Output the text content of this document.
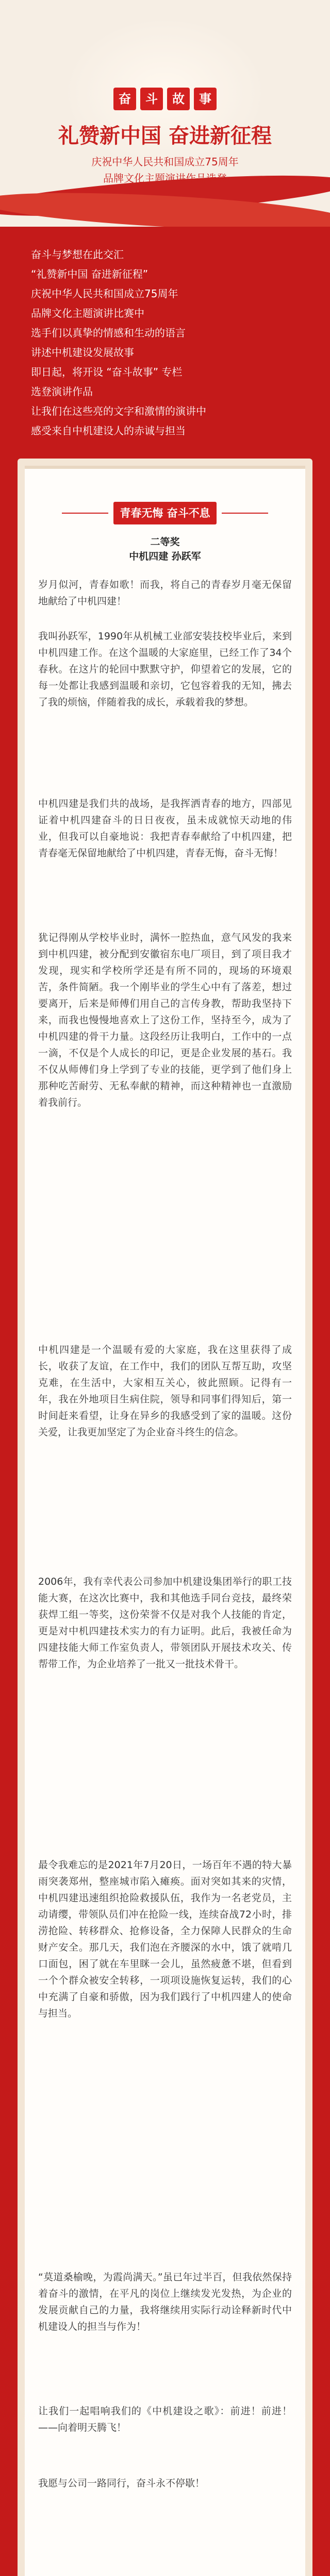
奋 斗 故 事
礼赞新中国 奋进新征程
庆祝中华人民共和国成立75周年
品牌文化主题演讲作品选登
奋斗与梦想在此交汇
“礼赞新中国 奋进新征程”
庆祝中华人民共和国成立75周年
品牌文化主题演讲比赛中
选手们以真挚的情感和生动的语言
讲述中机建设发展故事
即日起，将开设 “奋斗故事” 专栏
选登演讲作品
让我们在这些亮的文字和激情的演讲中
感受来自中机建设人的赤诚与担当
青春无悔 奋斗不息
二等奖
中机四建 孙跃军
岁月似河，青春如歌！而我，将自己的青春岁月毫无保留地献给了中机四建！
我叫孙跃军，1990年从机械工业部安装技校毕业后，来到中机四建工作。在这个温暖的大家庭里，已经工作了34个春秋。在这片的轮回中默默守护，仰望着它的发展，它的每一处都让我感到温暖和亲切，它包容着我的无知，拂去了我的烦恼，伴随着我的成长，承载着我的梦想。
中机四建是我们共的战场，是我挥洒青春的地方，四部见证着中机四建奋斗的日日夜夜，虽未成就惊天动地的伟业，但我可以自豪地说：我把青春奉献给了中机四建，把青春毫无保留地献给了中机四建，青春无悔，奋斗无悔！
犹记得刚从学校毕业时，满怀一腔热血，意气风发的我来到中机四建，被分配到安徽宿东电厂项目，到了项目我才发现，现实和学校所学还是有所不同的，现场的环境艰苦，条件简陋。我一个刚毕业的学生心中有了落差，想过要离开，后来是师傅们用自己的言传身教，帮助我坚持下来，而我也慢慢地喜欢上了这份工作，坚持至今，成为了中机四建的骨干力量。这段经历让我明白，工作中的一点一滴，不仅是个人成长的印记，更是企业发展的基石。我不仅从师傅们身上学到了专业的技能，更学到了他们身上那种吃苦耐劳、无私奉献的精神，而这种精神也一直激励着我前行。
中机四建是一个温暖有爱的大家庭，我在这里获得了成长，收获了友谊，在工作中，我们的团队互帮互助，攻坚克难，在生活中，大家相互关心，彼此照顾。记得有一年，我在外地项目生病住院，领导和同事们得知后，第一时间赶来看望，让身在异乡的我感受到了家的温暖。这份关爱，让我更加坚定了为企业奋斗终生的信念。
2006年，我有幸代表公司参加中机建设集团举行的职工技能大赛，在这次比赛中，我和其他选手同台竞技，最终荣获焊工组一等奖，这份荣誉不仅是对我个人技能的肯定，更是对中机四建技术实力的有力证明。此后，我被任命为四建技能大师工作室负责人，带领团队开展技术攻关、传帮带工作，为企业培养了一批又一批技术骨干。
最令我难忘的是2021年7月20日，一场百年不遇的特大暴雨突袭郑州，整座城市陷入瘫痪。面对突如其来的灾情，中机四建迅速组织抢险救援队伍，我作为一名老党员，主动请缨，带领队员们冲在抢险一线，连续奋战72小时，排涝抢险、转移群众、抢修设备，全力保障人民群众的生命财产安全。那几天，我们泡在齐腰深的水中，饿了就啃几口面包，困了就在车里眯一会儿，虽然疲惫不堪，但看到一个个群众被安全转移，一项项设施恢复运转，我们的心中充满了自豪和骄傲，因为我们践行了中机四建人的使命与担当。
“莫道桑榆晚，为霞尚满天。”虽已年过半百，但我依然保持着奋斗的激情，在平凡的岗位上继续发光发热，为企业的发展贡献自己的力量，我将继续用实际行动诠释新时代中机建设人的担当与作为！
让我们一起唱响我们的《中机建设之歌》：前进！前进！——向着明天腾飞！
我愿与公司一路同行，奋斗永不停歇！
